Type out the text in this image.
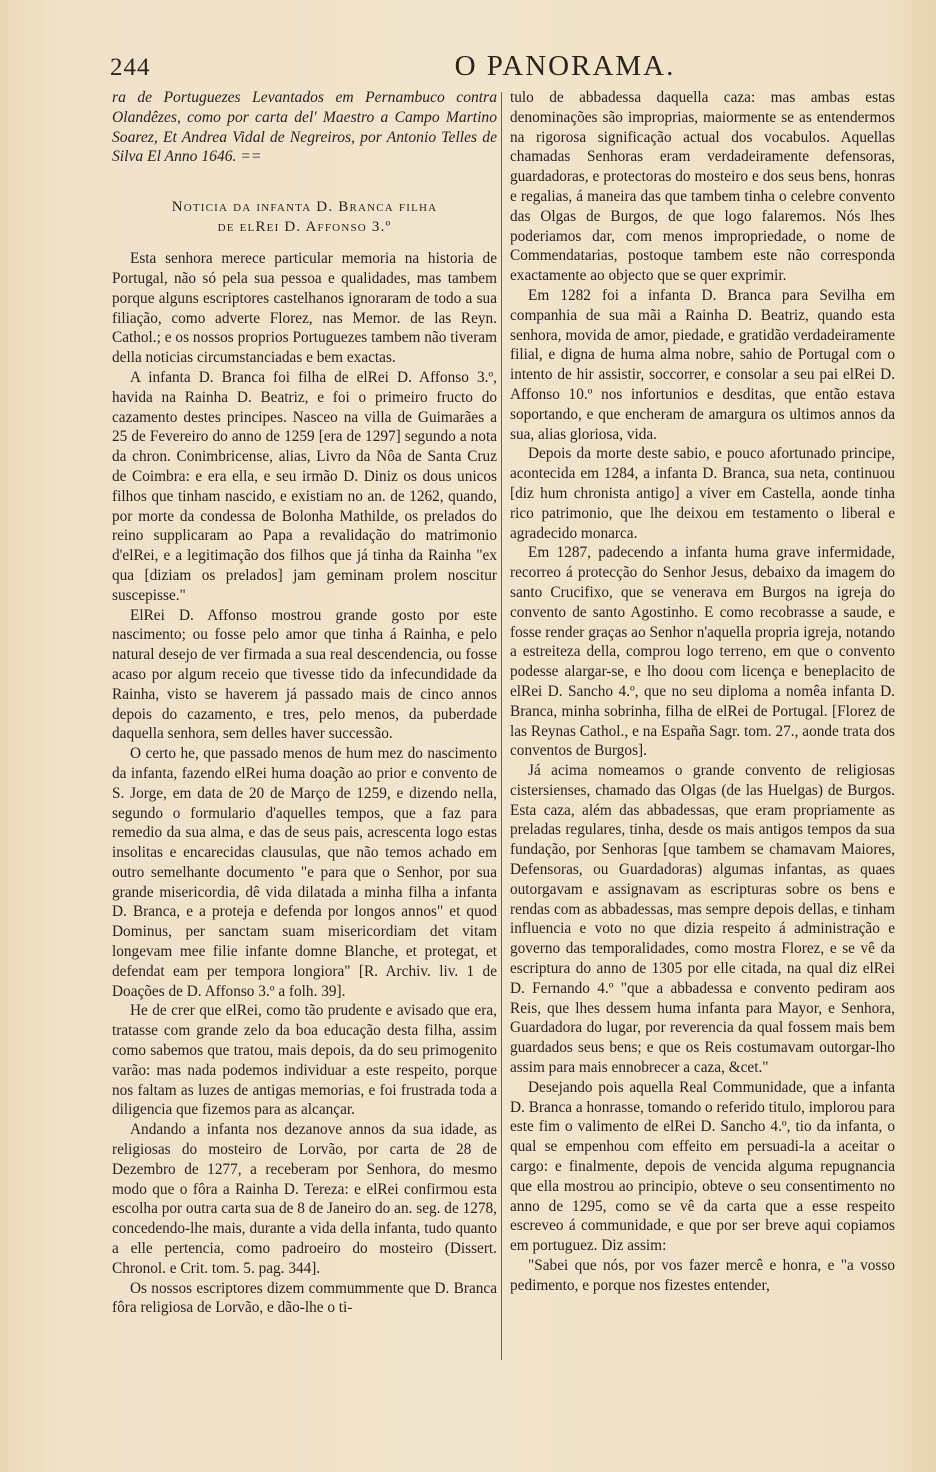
244	O PANORAMA.

ra de Portuguezes Levantados em Pernambuco contra Olandêzes, como por carta del' Maestro a Campo Martino Soarez, Et Andrea Vidal de Negreiros, por Antonio Telles de Silva El Anno 1646. ==

Noticia da infanta D. Branca filha
de elRei D. Affonso 3.º

Esta senhora merece particular memoria na historia de Portugal, não só pela sua pessoa e qualidades, mas tambem porque alguns escriptores castelhanos ignoraram de todo a sua filiação, como adverte Florez, nas Memor. de las Reyn. Cathol.; e os nossos proprios Portuguezes tambem não tiveram della noticias circumstanciadas e bem exactas.

A infanta D. Branca foi filha de elRei D. Affonso 3.º, havida na Rainha D. Beatriz, e foi o primeiro fructo do cazamento destes principes. Nasceo na villa de Guimarães a 25 de Fevereiro do anno de 1259 [era de 1297] segundo a nota da chron. Conimbricense, alias, Livro da Nôa de Santa Cruz de Coimbra: e era ella, e seu irmão D. Diniz os dous unicos filhos que tinham nascido, e existiam no an. de 1262, quando, por morte da condessa de Bolonha Mathilde, os prelados do reino supplicaram ao Papa a revalidação do matrimonio d'elRei, e a legitimação dos filhos que já tinha da Rainha "ex qua [diziam os prelados] jam geminam prolem noscitur suscepisse."

ElRei D. Affonso mostrou grande gosto por este nascimento; ou fosse pelo amor que tinha á Rainha, e pelo natural desejo de ver firmada a sua real descendencia, ou fosse acaso por algum receio que tivesse tido da infecundidade da Rainha, visto se haverem já passado mais de cinco annos depois do cazamento, e tres, pelo menos, da puberdade daquella senhora, sem delles haver successão.

O certo he, que passado menos de hum mez do nascimento da infanta, fazendo elRei huma doação ao prior e convento de S. Jorge, em data de 20 de Março de 1259, e dizendo nella, segundo o formulario d'aquelles tempos, que a faz para remedio da sua alma, e das de seus pais, acrescenta logo estas insolitas e encarecidas clausulas, que não temos achado em outro semelhante documento "e para que o Senhor, por sua grande misericordia, dê vida dilatada a minha filha a infanta D. Branca, e a proteja e defenda por longos annos" et quod Dominus, per sanctam suam misericordiam det vitam longevam mee filie infante domne Blanche, et protegat, et defendat eam per tempora longiora" [R. Archiv. liv. 1 de Doações de D. Affonso 3.º a folh. 39].

He de crer que elRei, como tão prudente e avisado que era, tratasse com grande zelo da boa educação desta filha, assim como sabemos que tratou, mais depois, da do seu primogenito varão: mas nada podemos individuar a este respeito, porque nos faltam as luzes de antigas memorias, e foi frustrada toda a diligencia que fizemos para as alcançar.

Andando a infanta nos dezanove annos da sua idade, as religiosas do mosteiro de Lorvão, por carta de 28 de Dezembro de 1277, a receberam por Senhora, do mesmo modo que o fôra a Rainha D. Tereza: e elRei confirmou esta escolha por outra carta sua de 8 de Janeiro do an. seg. de 1278, concedendo-lhe mais, durante a vida della infanta, tudo quanto a elle pertencia, como padroeiro do mosteiro (Dissert. Chronol. e Crit. tom. 5. pag. 344].

Os nossos escriptores dizem commummente que D. Branca fôra religiosa de Lorvão, e dão-lhe o ti-

tulo de abbadessa daquella caza: mas ambas estas denominações são improprias, maiormente se as entendermos na rigorosa significação actual dos vocabulos. Aquellas chamadas Senhoras eram verdadeiramente defensoras, guardadoras, e protectoras do mosteiro e dos seus bens, honras e regalias, á maneira das que tambem tinha o celebre convento das Olgas de Burgos, de que logo falaremos. Nós lhes poderiamos dar, com menos impropriedade, o nome de Commendatarias, postoque tambem este não corresponda exactamente ao objecto que se quer exprimir.

Em 1282 foi a infanta D. Branca para Sevilha em companhia de sua mãi a Rainha D. Beatriz, quando esta senhora, movida de amor, piedade, e gratidão verdadeiramente filial, e digna de huma alma nobre, sahio de Portugal com o intento de hir assistir, soccorrer, e consolar a seu pai elRei D. Affonso 10.º nos infortunios e desditas, que então estava soportando, e que encheram de amargura os ultimos annos da sua, alias gloriosa, vida.

Depois da morte deste sabio, e pouco afortunado principe, acontecida em 1284, a infanta D. Branca, sua neta, continuou [diz hum chronista antigo] a viver em Castella, aonde tinha rico patrimonio, que lhe deixou em testamento o liberal e agradecido monarca.

Em 1287, padecendo a infanta huma grave infermidade, recorreo á protecção do Senhor Jesus, debaixo da imagem do santo Crucifixo, que se venerava em Burgos na igreja do convento de santo Agostinho. E como recobrasse a saude, e fosse render graças ao Senhor n'aquella propria igreja, notando a estreiteza della, comprou logo terreno, em que o convento podesse alargar-se, e lho doou com licença e beneplacito de elRei D. Sancho 4.º, que no seu diploma a nomêa infanta D. Branca, minha sobrinha, filha de elRei de Portugal. [Florez de las Reynas Cathol., e na España Sagr. tom. 27., aonde trata dos conventos de Burgos].

Já acima nomeamos o grande convento de religiosas cistersienses, chamado das Olgas (de las Huelgas) de Burgos. Esta caza, além das abbadessas, que eram propriamente as preladas regulares, tinha, desde os mais antigos tempos da sua fundação, por Senhoras [que tambem se chamavam Maiores, Defensoras, ou Guardadoras) algumas infantas, as quaes outorgavam e assignavam as escripturas sobre os bens e rendas com as abbadessas, mas sempre depois dellas, e tinham influencia e voto no que dizia respeito á administração e governo das temporalidades, como mostra Florez, e se vê da escriptura do anno de 1305 por elle citada, na qual diz elRei D. Fernando 4.º "que a abbadessa e convento pediram aos Reis, que lhes dessem huma infanta para Mayor, e Senhora, Guardadora do lugar, por reverencia da qual fossem mais bem guardados seus bens; e que os Reis costumavam outorgar-lho assim para mais ennobrecer a caza, &cet."

Desejando pois aquella Real Communidade, que a infanta D. Branca a honrasse, tomando o referido titulo, implorou para este fim o valimento de elRei D. Sancho 4.º, tio da infanta, o qual se empenhou com effeito em persuadi-la a aceitar o cargo: e finalmente, depois de vencida alguma repugnancia que ella mostrou ao principio, obteve o seu consentimento no anno de 1295, como se vê da carta que a esse respeito escreveo á communidade, e que por ser breve aqui copiamos em portuguez. Diz assim:

"Sabei que nós, por vos fazer mercê e honra, e "a vosso pedimento, e porque nos fizestes entender,
